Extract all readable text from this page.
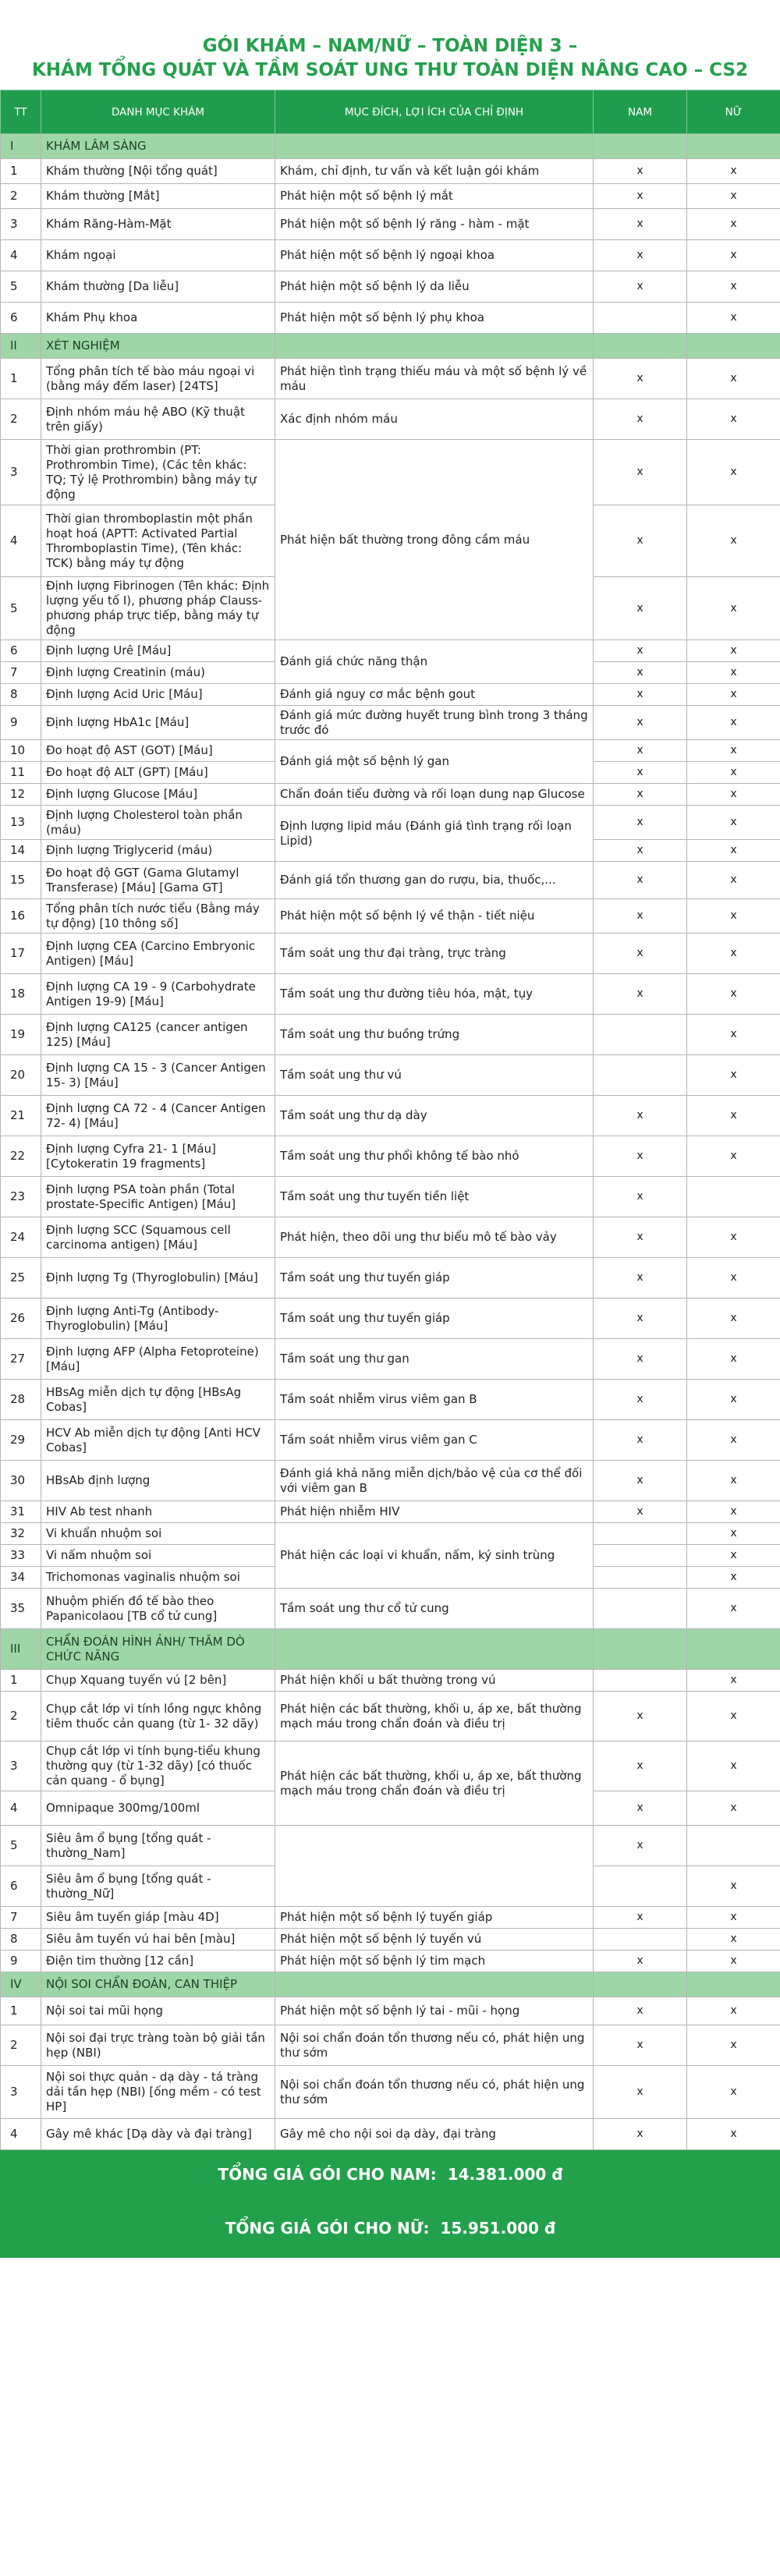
GÓI KHÁM – NAM/NỮ – TOÀN DIỆN 3 –
KHÁM TỔNG QUÁT VÀ TẦM SOÁT UNG THƯ TOÀN DIỆN NÂNG CAO – CS2
TT	DANH MỤC KHÁM	MỤC ĐÍCH, LỢI ÍCH CỦA CHỈ ĐỊNH	NAM	NỮ
I	KHÁM LÂM SÀNG			
1	Khám thường [Nội tổng quát]	Khám, chỉ định, tư vấn và kết luận gói khám	x	x
2	Khám thường [Mắt]	Phát hiện một số bệnh lý mắt	x	x
3	Khám Răng-Hàm-Mặt	Phát hiện một số bệnh lý răng - hàm - mặt	x	x
4	Khám ngoại	Phát hiện một số bệnh lý ngoại khoa	x	x
5	Khám thường [Da liễu]	Phát hiện một số bệnh lý da liễu	x	x
6	Khám Phụ khoa	Phát hiện một số bệnh lý phụ khoa		x
II	XÉT NGHIỆM			
1	Tổng phân tích tế bào máu ngoại vi (bằng máy đếm laser) [24TS]	Phát hiện tình trạng thiếu máu và một số bệnh lý về máu	x	x
2	Định nhóm máu hệ ABO (Kỹ thuật trên giấy)	Xác định nhóm máu	x	x
3	Thời gian prothrombin (PT: Prothrombin Time), (Các tên khác: TQ; Tỷ lệ Prothrombin) bằng máy tự động	Phát hiện bất thường trong đông cầm máu	x	x
4	Thời gian thromboplastin một phần hoạt hoá (APTT: Activated Partial Thromboplastin Time), (Tên khác: TCK) bằng máy tự động		x	x
5	Định lượng Fibrinogen (Tên khác: Định lượng yếu tố I), phương pháp Clauss-phương pháp trực tiếp, bằng máy tự động		x	x
6	Định lượng Urê [Máu]	Đánh giá chức năng thận	x	x
7	Định lượng Creatinin (máu)		x	x
8	Định lượng Acid Uric [Máu]	Đánh giá nguy cơ mắc bệnh gout	x	x
9	Định lượng HbA1c [Máu]	Đánh giá mức đường huyết trung bình trong 3 tháng trước đó	x	x
10	Đo hoạt độ AST (GOT) [Máu]	Đánh giá một số bệnh lý gan	x	x
11	Đo hoạt độ ALT (GPT) [Máu]		x	x
12	Định lượng Glucose [Máu]	Chẩn đoán tiểu đường và rối loạn dung nạp Glucose	x	x
13	Định lượng Cholesterol toàn phần (máu)	Định lượng lipid máu (Đánh giá tình trạng rối loạn Lipid)	x	x
14	Định lượng Triglycerid (máu)		x	x
15	Đo hoạt độ GGT (Gama Glutamyl Transferase) [Máu] [Gama GT]	Đánh giá tổn thương gan do rượu, bia, thuốc,...	x	x
16	Tổng phân tích nước tiểu (Bằng máy tự động) [10 thông số]	Phát hiện một số bệnh lý về thận - tiết niệu	x	x
17	Định lượng CEA (Carcino Embryonic Antigen) [Máu]	Tầm soát ung thư đại tràng, trực tràng	x	x
18	Định lượng CA 19 - 9 (Carbohydrate Antigen 19-9) [Máu]	Tầm soát ung thư đường tiêu hóa, mật, tụy	x	x
19	Định lượng CA125 (cancer antigen 125) [Máu]	Tầm soát ung thư buồng trứng		x
20	Định lượng CA 15 - 3 (Cancer Antigen 15- 3) [Máu]	Tầm soát ung thư vú		x
21	Định lượng CA 72 - 4 (Cancer Antigen 72- 4) [Máu]	Tầm soát ung thư dạ dày	x	x
22	Định lượng Cyfra 21- 1 [Máu] [Cytokeratin 19 fragments]	Tầm soát ung thư phổi không tế bào nhỏ	x	x
23	Định lượng PSA toàn phần (Total prostate-Specific Antigen) [Máu]	Tầm soát ung thư tuyến tiền liệt	x	
24	Định lượng SCC (Squamous cell carcinoma antigen) [Máu]	Phát hiện, theo dõi ung thư biểu mô tế bào vảy	x	x
25	Định lượng Tg (Thyroglobulin) [Máu]	Tầm soát ung thư tuyến giáp	x	x
26	Định lượng Anti-Tg (Antibody- Thyroglobulin) [Máu]	Tầm soát ung thư tuyến giáp	x	x
27	Định lượng AFP (Alpha Fetoproteine) [Máu]	Tầm soát ung thư gan	x	x
28	HBsAg miễn dịch tự động [HBsAg Cobas]	Tầm soát nhiễm virus viêm gan B	x	x
29	HCV Ab miễn dịch tự động [Anti HCV Cobas]	Tầm soát nhiễm virus viêm gan C	x	x
30	HBsAb định lượng	Đánh giá khả năng miễn dịch/bảo vệ của cơ thể đối với viêm gan B	x	x
31	HIV Ab test nhanh	Phát hiện nhiễm HIV	x	x
32	Vi khuẩn nhuộm soi	Phát hiện các loại vi khuẩn, nấm, ký sinh trùng		x
33	Vi nấm nhuộm soi			x
34	Trichomonas vaginalis nhuộm soi			x
35	Nhuộm phiến đồ tế bào theo Papanicolaou [TB cổ tử cung]	Tầm soát ung thư cổ tử cung		x
III	CHẨN ĐOÁN HÌNH ẢNH/ THĂM DÒ CHỨC NĂNG			
1	Chụp Xquang tuyến vú [2 bên]	Phát hiện khối u bất thường trong vú		x
2	Chụp cắt lớp vi tính lồng ngực không tiêm thuốc cản quang (từ 1- 32 dãy)	Phát hiện các bất thường, khối u, áp xe, bất thường mạch máu trong chẩn đoán và điều trị	x	x
3	Chụp cắt lớp vi tính bụng-tiểu khung thường quy (từ 1-32 dãy) [có thuốc cản quang - ổ bụng]	Phát hiện các bất thường, khối u, áp xe, bất thường mạch máu trong chẩn đoán và điều trị	x	x
4	Omnipaque 300mg/100ml		x	x
5	Siêu âm ổ bụng [tổng quát - thường_Nam]		x	
6	Siêu âm ổ bụng [tổng quát - thường_Nữ]			x
7	Siêu âm tuyến giáp [màu 4D]	Phát hiện một số bệnh lý tuyến giáp	x	x
8	Siêu âm tuyến vú hai bên [màu]	Phát hiện một số bệnh lý tuyến vú		x
9	Điện tim thường [12 cần]	Phát hiện một số bệnh lý tim mạch	x	x
IV	NỘI SOI CHẨN ĐOÁN, CAN THIỆP			
1	Nội soi tai mũi họng	Phát hiện một số bệnh lý tai - mũi - họng	x	x
2	Nội soi đại trực tràng toàn bộ giải tần hẹp (NBI)	Nội soi chẩn đoán tổn thương nếu có, phát hiện ung thư sớm	x	x
3	Nội soi thực quản - dạ dày - tá tràng dải tần hẹp (NBI) [ống mềm - có test HP]	Nội soi chẩn đoán tổn thương nếu có, phát hiện ung thư sớm	x	x
4	Gây mê khác [Dạ dày và đại tràng]	Gây mê cho nội soi dạ dày, đại tràng	x	x
TỔNG GIÁ GÓI CHO NAM: 14.381.000 đ				
TỔNG GIÁ GÓI CHO NỮ: 15.951.000 đ				
